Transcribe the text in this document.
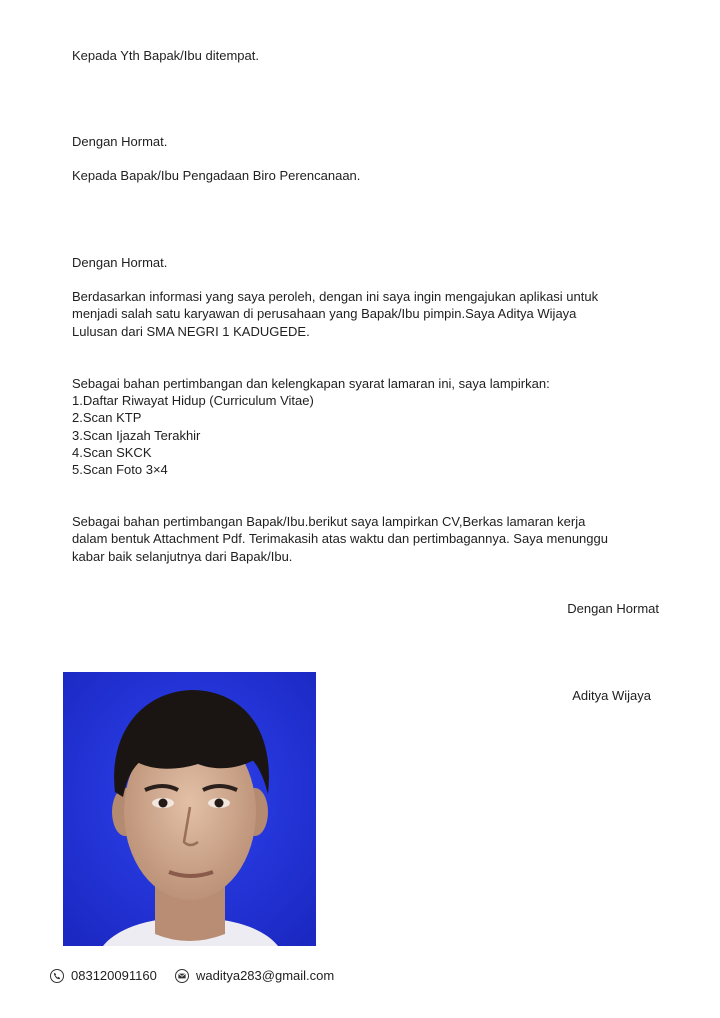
Kepada Yth Bapak/Ibu ditempat.

Dengan Hormat.

Kepada Bapak/Ibu Pengadaan Biro Perencanaan.

Dengan Hormat.

Berdasarkan informasi yang saya peroleh, dengan ini saya ingin mengajukan aplikasi untuk
menjadi salah satu karyawan di perusahaan yang Bapak/Ibu pimpin.Saya Aditya Wijaya
Lulusan dari SMA NEGRI 1 KADUGEDE.
Sebagai bahan pertimbangan dan kelengkapan syarat lamaran ini, saya lampirkan:
1.Daftar Riwayat Hidup (Curriculum Vitae)
2.Scan KTP
3.Scan Ijazah Terakhir
4.Scan SKCK
5.Scan Foto 3×4
Sebagai bahan pertimbangan Bapak/Ibu.berikut saya lampirkan CV,Berkas lamaran kerja
dalam bentuk Attachment Pdf. Terimakasih atas waktu dan pertimbagannya. Saya menunggu
kabar baik selanjutnya dari Bapak/Ibu.

Dengan Hormat

Aditya Wijaya

083120091160	waditya283@gmail.com
